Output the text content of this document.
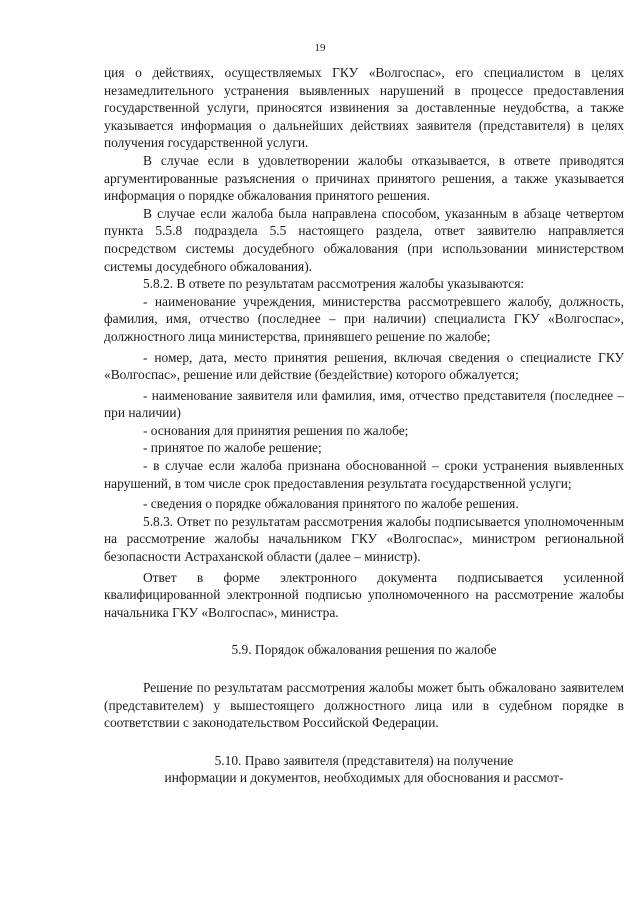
19

ция о действиях, осуществляемых ГКУ «Волгоспас», его специалистом в целях незамедлительного устранения выявленных нарушений в процессе предоставления государственной услуги, приносятся извинения за доставленные неудобства, а также указывается информация о дальнейших действиях заявителя (представителя) в целях получения государственной услуги.

В случае если в удовлетворении жалобы отказывается, в ответе приводятся аргументированные разъяснения о причинах принятого решения, а также указывается информация о порядке обжалования принятого решения.

В случае если жалоба была направлена способом, указанным в абзаце четвертом пункта 5.5.8 подраздела 5.5 настоящего раздела, ответ заявителю направляется посредством системы досудебного обжалования (при использовании министерством системы досудебного обжалования).

5.8.2. В ответе по результатам рассмотрения жалобы указываются:

- наименование учреждения, министерства рассмотревшего жалобу, должность, фамилия, имя, отчество (последнее – при наличии) специалиста ГКУ «Волгоспас», должностного лица министерства, принявшего решение по жалобе;

- номер, дата, место принятия решения, включая сведения о специалисте ГКУ «Волгоспас», решение или действие (бездействие) которого обжалуется;

- наименование заявителя или фамилия, имя, отчество представителя (последнее – при наличии)

- основания для принятия решения по жалобе;

- принятое по жалобе решение;

- в случае если жалоба признана обоснованной – сроки устранения выявленных нарушений, в том числе срок предоставления результата государственной услуги;

- сведения о порядке обжалования принятого по жалобе решения.

5.8.3. Ответ по результатам рассмотрения жалобы подписывается уполномоченным на рассмотрение жалобы начальником ГКУ «Волгоспас», министром региональной безопасности Астраханской области (далее – министр).

Ответ в форме электронного документа подписывается усиленной квалифицированной электронной подписью уполномоченного на рассмотрение жалобы начальника ГКУ «Волгоспас», министра.

5.9. Порядок обжалования решения по жалобе

Решение по результатам рассмотрения жалобы может быть обжаловано заявителем (представителем) у вышестоящего должностного лица или в судебном порядке в соответствии с законодательством Российской Федерации.

5.10. Право заявителя (представителя) на получение
информации и документов, необходимых для обоснования и рассмот-
